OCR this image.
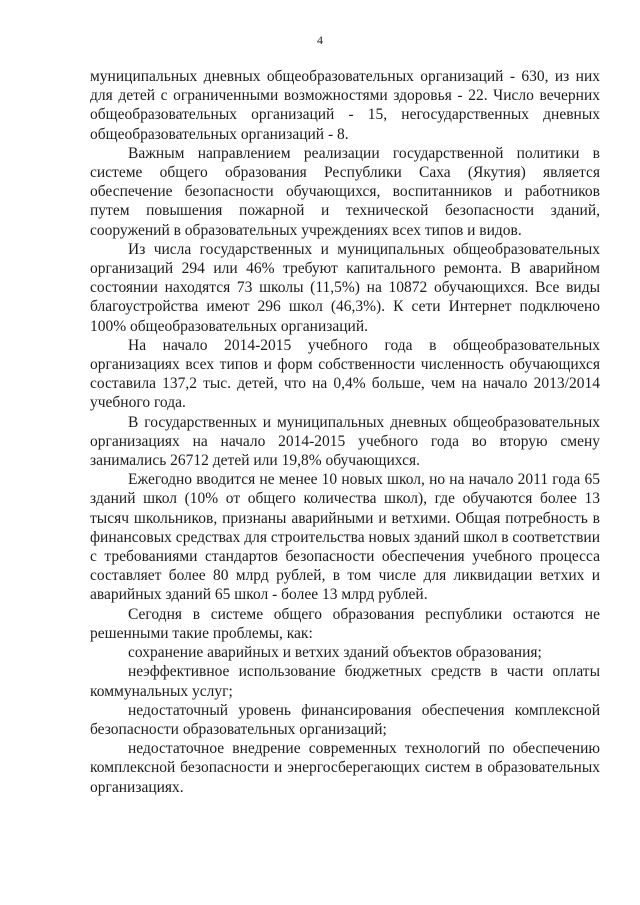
4

муниципальных дневных общеобразовательных организаций - 630, из них для детей с ограниченными возможностями здоровья - 22. Число вечерних общеобразовательных организаций - 15, негосударственных дневных общеобразовательных организаций - 8.

Важным направлением реализации государственной политики в системе общего образования Республики Саха (Якутия) является обеспечение безопасности обучающихся, воспитанников и работников путем повышения пожарной и технической безопасности зданий, сооружений в образовательных учреждениях всех типов и видов.

Из числа государственных и муниципальных общеобразовательных организаций 294 или 46% требуют капитального ремонта. В аварийном состоянии находятся 73 школы (11,5%) на 10872 обучающихся. Все виды благоустройства имеют 296 школ (46,3%). К сети Интернет подключено 100% общеобразовательных организаций.

На начало 2014-2015 учебного года в общеобразовательных организациях всех типов и форм собственности численность обучающихся составила 137,2 тыс. детей, что на 0,4% больше, чем на начало 2013/2014 учебного года.

В государственных и муниципальных дневных общеобразовательных организациях на начало 2014-2015 учебного года во вторую смену занимались 26712 детей или 19,8% обучающихся.

Ежегодно вводится не менее 10 новых школ, но на начало 2011 года 65 зданий школ (10% от общего количества школ), где обучаются более 13 тысяч школьников, признаны аварийными и ветхими. Общая потребность в финансовых средствах для строительства новых зданий школ в соответствии с требованиями стандартов безопасности обеспечения учебного процесса составляет более 80 млрд рублей, в том числе для ликвидации ветхих и аварийных зданий 65 школ - более 13 млрд рублей.

Сегодня в системе общего образования республики остаются не решенными такие проблемы, как:

сохранение аварийных и ветхих зданий объектов образования;

неэффективное использование бюджетных средств в части оплаты коммунальных услуг;

недостаточный уровень финансирования обеспечения комплексной безопасности образовательных организаций;

недостаточное внедрение современных технологий по обеспечению комплексной безопасности и энергосберегающих систем в образовательных организациях.
